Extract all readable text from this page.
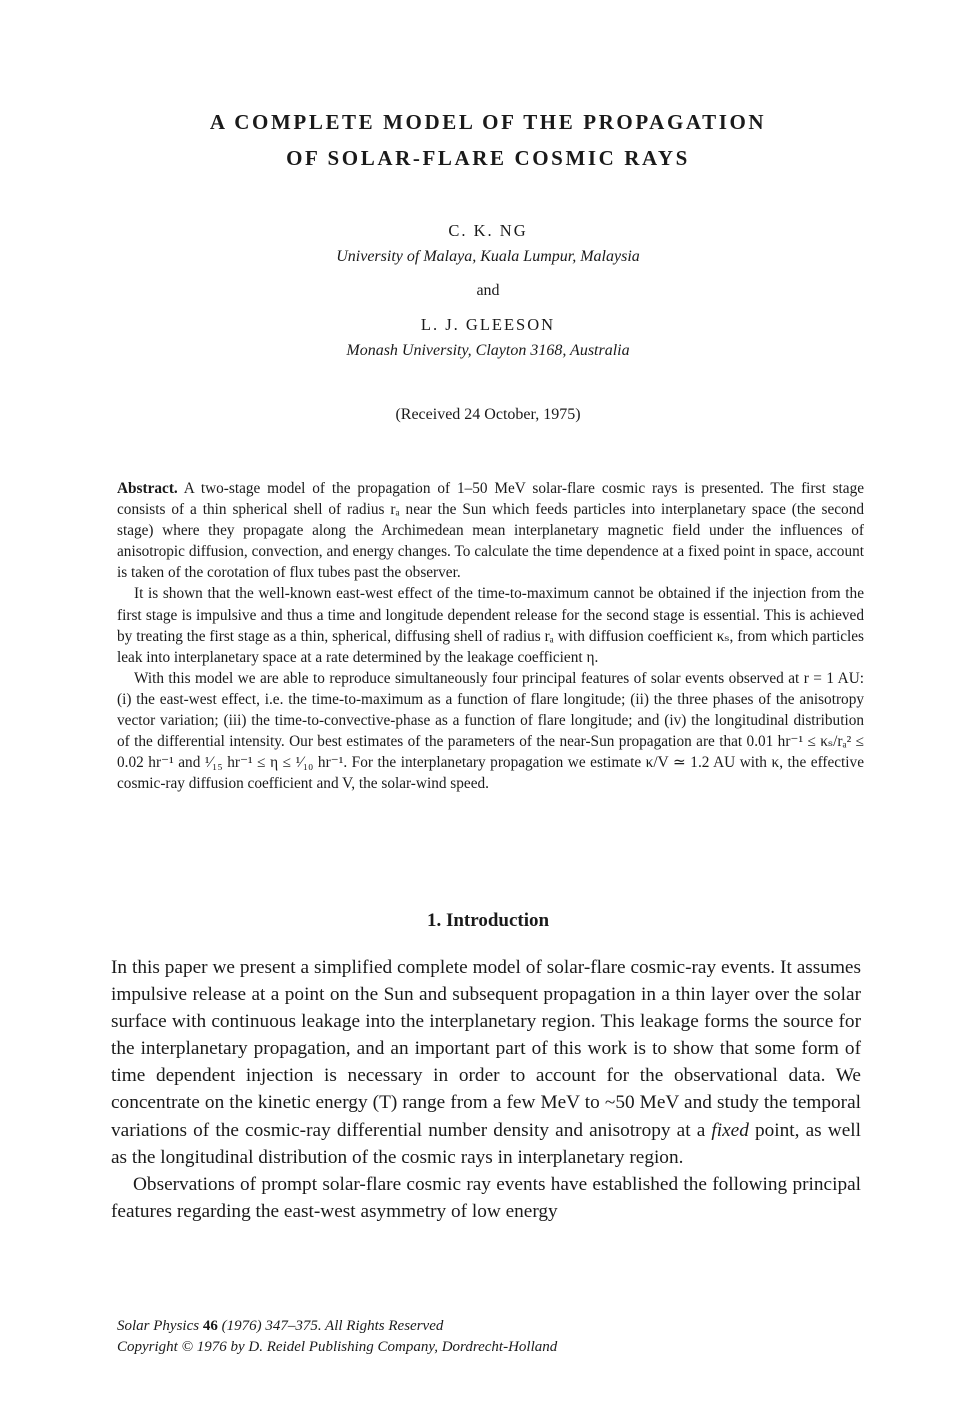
A COMPLETE MODEL OF THE PROPAGATION
OF SOLAR-FLARE COSMIC RAYS
C. K. NG
University of Malaya, Kuala Lumpur, Malaysia
and
L. J. GLEESON
Monash University, Clayton 3168, Australia
(Received 24 October, 1975)

Abstract. A two-stage model of the propagation of 1–50 MeV solar-flare cosmic rays is presented. The first stage consists of a thin spherical shell of radius rₐ near the Sun which feeds particles into interplanetary space (the second stage) where they propagate along the Archimedean mean interplanetary magnetic field under the influences of anisotropic diffusion, convection, and energy changes. To calculate the time dependence at a fixed point in space, account is taken of the corotation of flux tubes past the observer.

It is shown that the well-known east-west effect of the time-to-maximum cannot be obtained if the injection from the first stage is impulsive and thus a time and longitude dependent release for the second stage is essential. This is achieved by treating the first stage as a thin, spherical, diffusing shell of radius rₐ with diffusion coefficient κₛ, from which particles leak into interplanetary space at a rate determined by the leakage coefficient η.

With this model we are able to reproduce simultaneously four principal features of solar events observed at r = 1 AU: (i) the east-west effect, i.e. the time-to-maximum as a function of flare longitude; (ii) the three phases of the anisotropy vector variation; (iii) the time-to-convective-phase as a function of flare longitude; and (iv) the longitudinal distribution of the differential intensity. Our best estimates of the parameters of the near-Sun propagation are that 0.01 hr⁻¹ ≤ κₛ/rₐ² ≤ 0.02 hr⁻¹ and ¹⁄₁₅ hr⁻¹ ≤ η ≤ ¹⁄₁₀ hr⁻¹. For the interplanetary propagation we estimate κ/V ≃ 1.2 AU with κ, the effective cosmic-ray diffusion coefficient and V, the solar-wind speed.

1. Introduction

In this paper we present a simplified complete model of solar-flare cosmic-ray events. It assumes impulsive release at a point on the Sun and subsequent propagation in a thin layer over the solar surface with continuous leakage into the interplanetary region. This leakage forms the source for the interplanetary propagation, and an important part of this work is to show that some form of time dependent injection is necessary in order to account for the observational data. We concentrate on the kinetic energy (T) range from a few MeV to ~50 MeV and study the temporal variations of the cosmic-ray differential number density and anisotropy at a fixed point, as well as the longitudinal distribution of the cosmic rays in interplanetary region.

Observations of prompt solar-flare cosmic ray events have established the following principal features regarding the east-west asymmetry of low energy

Solar Physics 46 (1976) 347–375. All Rights Reserved
Copyright © 1976 by D. Reidel Publishing Company, Dordrecht-Holland
